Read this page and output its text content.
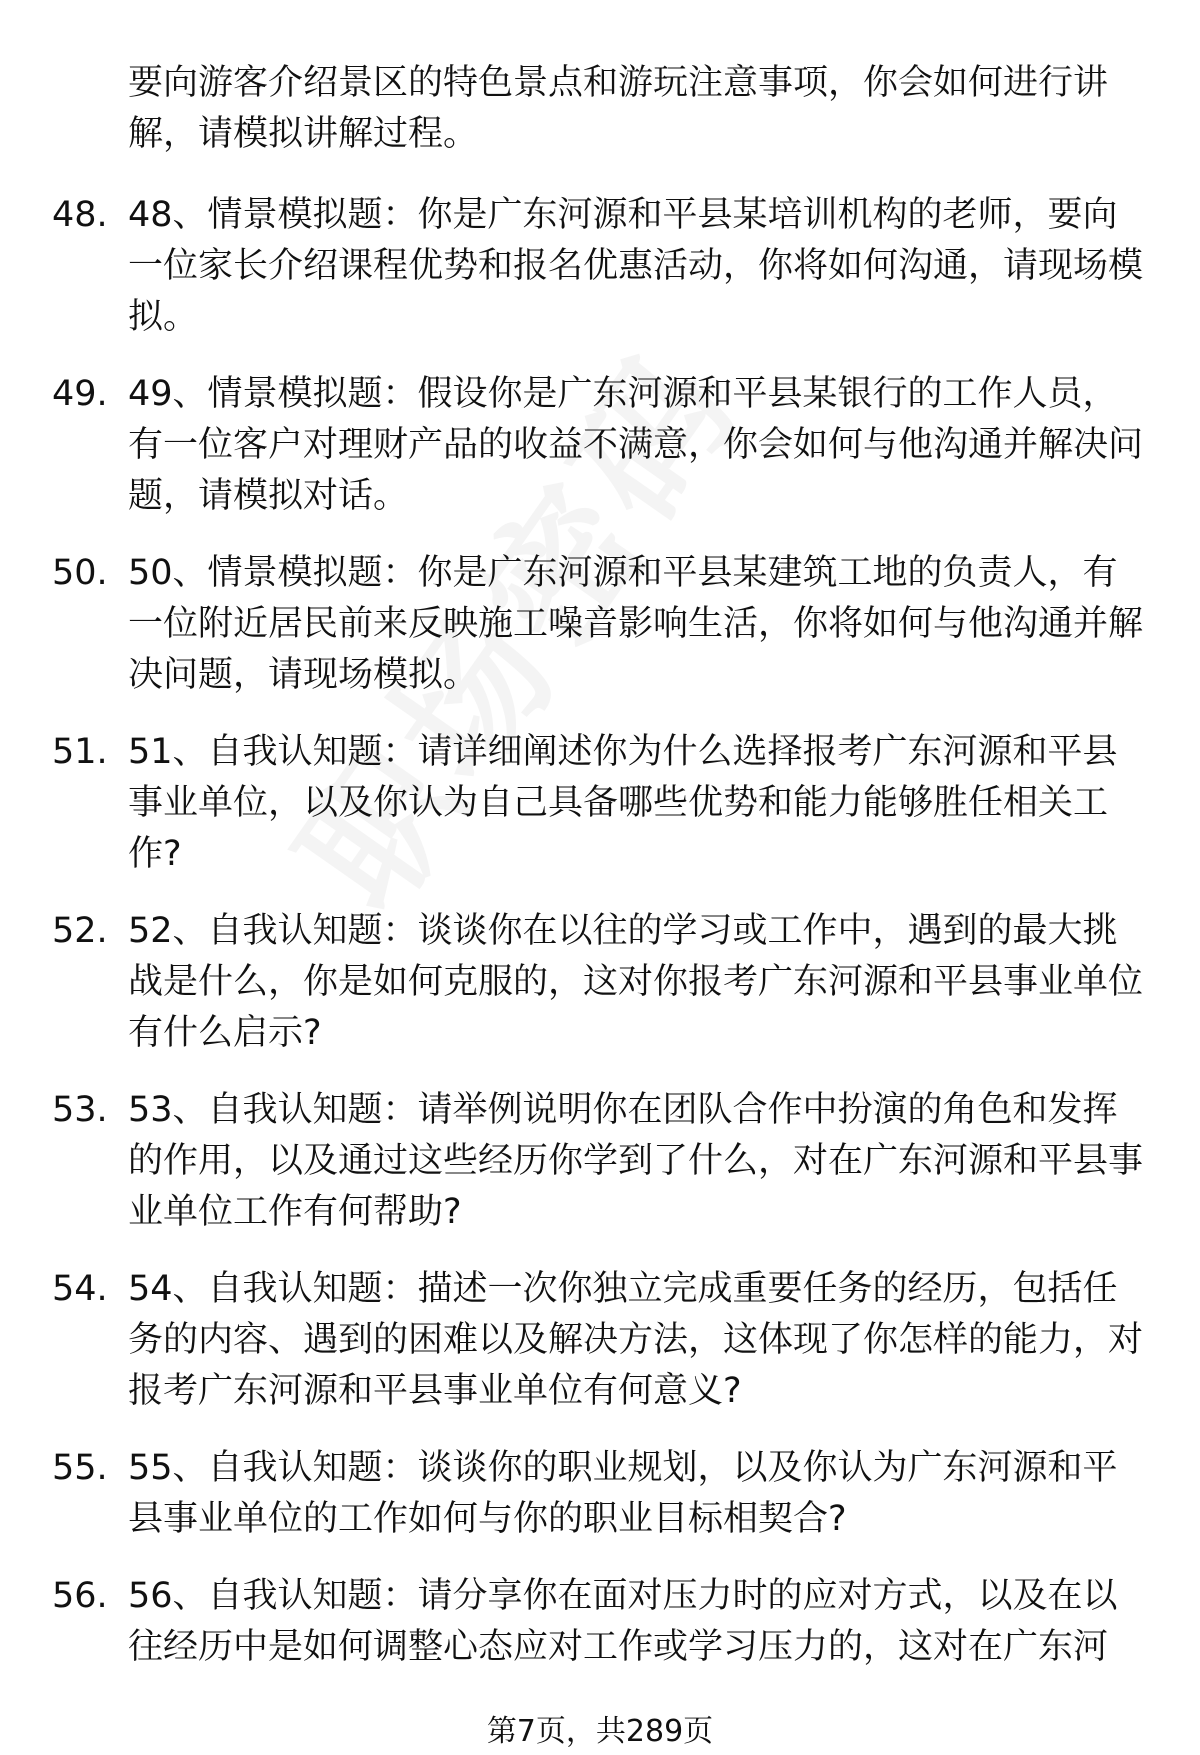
要向游客介绍景区的特色景点和游玩注意事项，你会如何进行讲解，请模拟讲解过程。
48. 48、情景模拟题：你是广东河源和平县某培训机构的老师，要向一位家长介绍课程优势和报名优惠活动，你将如何沟通，请现场模拟。
49. 49、情景模拟题：假设你是广东河源和平县某银行的工作人员，有一位客户对理财产品的收益不满意，你会如何与他沟通并解决问题，请模拟对话。
50. 50、情景模拟题：你是广东河源和平县某建筑工地的负责人，有一位附近居民前来反映施工噪音影响生活，你将如何与他沟通并解决问题，请现场模拟。
51. 51、自我认知题：请详细阐述你为什么选择报考广东河源和平县事业单位，以及你认为自己具备哪些优势和能力能够胜任相关工作?
52. 52、自我认知题：谈谈你在以往的学习或工作中，遇到的最大挑战是什么，你是如何克服的，这对你报考广东河源和平县事业单位有什么启示?
53. 53、自我认知题：请举例说明你在团队合作中扮演的角色和发挥的作用，以及通过这些经历你学到了什么，对在广东河源和平县事业单位工作有何帮助?
54. 54、自我认知题：描述一次你独立完成重要任务的经历，包括任务的内容、遇到的困难以及解决方法，这体现了你怎样的能力，对报考广东河源和平县事业单位有何意义?
55. 55、自我认知题：谈谈你的职业规划，以及你认为广东河源和平县事业单位的工作如何与你的职业目标相契合?
56. 56、自我认知题：请分享你在面对压力时的应对方式，以及在以往经历中是如何调整心态应对工作或学习压力的，这对在广东河
第7页，共289页
